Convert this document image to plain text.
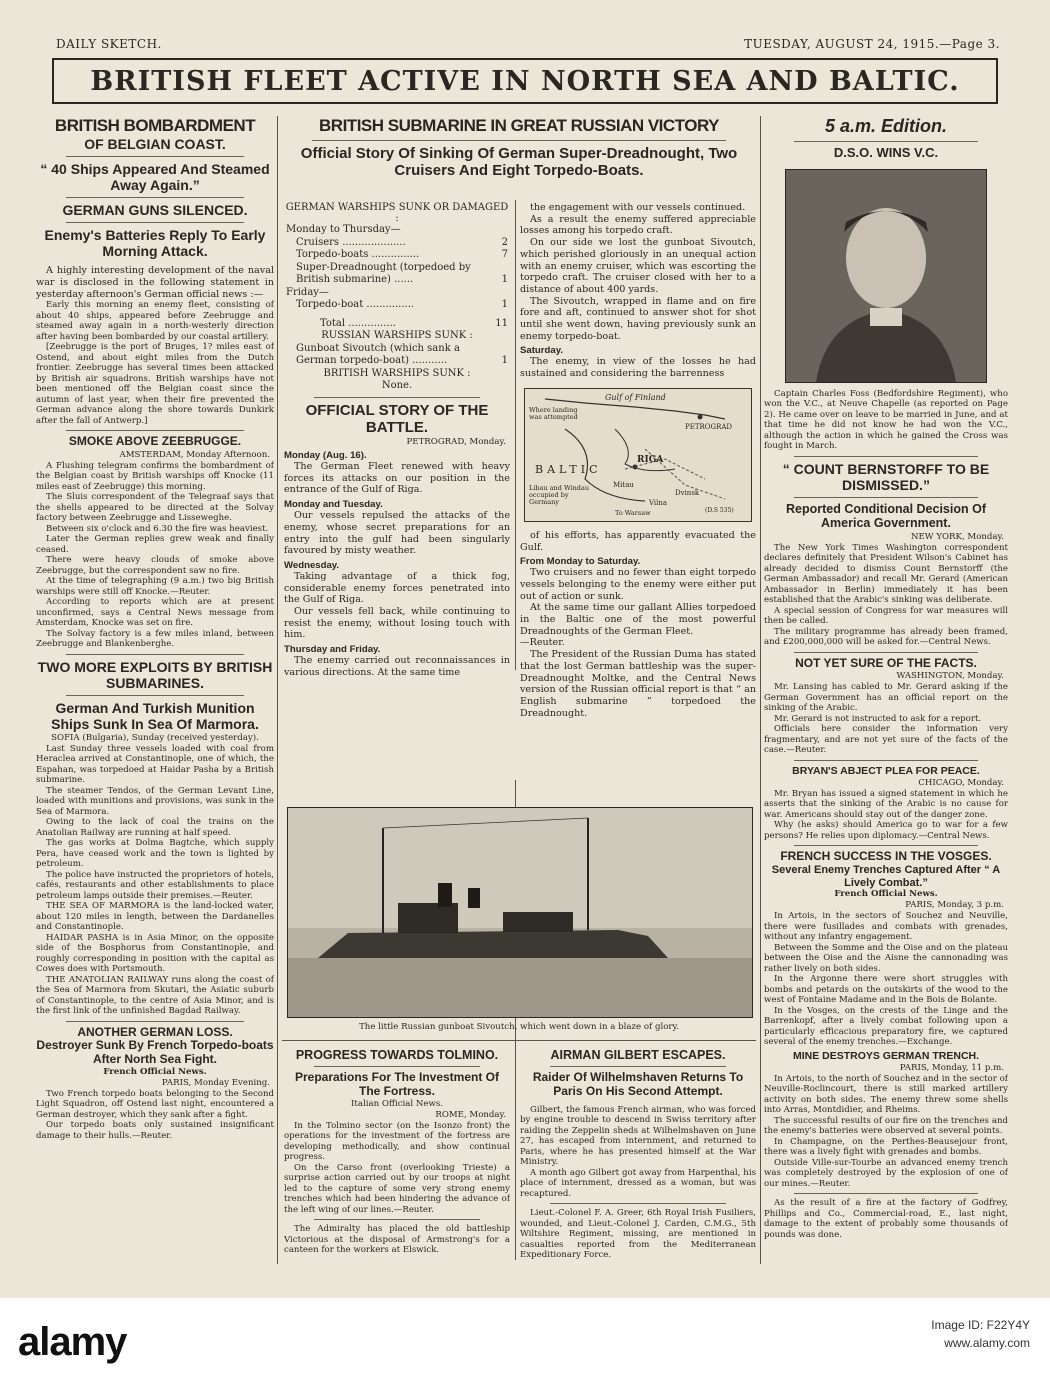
DAILY SKETCH.	TUESDAY, AUGUST 24, 1915.—Page 3.
BRITISH FLEET ACTIVE IN NORTH SEA AND BALTIC.
BRITISH BOMBARDMENT
OF BELGIAN COAST.
“ 40 Ships Appeared And Steamed Away Again.”
GERMAN GUNS SILENCED.
Enemy's Batteries Reply To Early Morning Attack.

A highly interesting development of the naval war is disclosed in the following statement in yesterday afternoon's German official news :—

Early this morning an enemy fleet, consisting of about 40 ships, appeared before Zeebrugge and steamed away again in a north-westerly direction after having been bombarded by our coastal artillery.

[Zeebrugge is the port of Bruges, 1? miles east of Ostend, and about eight miles from the Dutch frontier. Zeebrugge has several times been attacked by British air squadrons. British warships have not been mentioned off the Belgian coast since the autumn of last year, when their fire prevented the German advance along the shore towards Dunkirk after the fall of Antwerp.]

SMOKE ABOVE ZEEBRUGGE.
AMSTERDAM, Monday Afternoon.

A Flushing telegram confirms the bombardment of the Belgian coast by British warships off Knocke (11 miles east of Zeebrugge) this morning.

The Sluis correspondent of the Telegraaf says that the shells appeared to be directed at the Solvay factory between Zeebrugge and Lisseweghe.

Between six o'clock and 6.30 the fire was heaviest.

Later the German replies grew weak and finally ceased.

There were heavy clouds of smoke above Zeebrugge, but the correspondent saw no fire.

At the time of telegraphing (9 a.m.) two big British warships were still off Knocke.—Reuter.

According to reports which are at present unconfirmed, says a Central News message from Amsterdam, Knocke was set on fire.

The Solvay factory is a few miles inland, between Zeebrugge and Blankenberghe.

TWO MORE EXPLOITS BY BRITISH SUBMARINES.
German And Turkish Munition Ships Sunk In Sea Of Marmora.
SOFIA (Bulgaria), Sunday (received yesterday).

Last Sunday three vessels loaded with coal from Heraclea arrived at Constantinople, one of which, the Espahan, was torpedoed at Haidar Pasha by a British submarine.

The steamer Tendos, of the German Levant Line, loaded with munitions and provisions, was sunk in the Sea of Marmora.

Owing to the lack of coal the trains on the Anatolian Railway are running at half speed.

The gas works at Dolma Bagtche, which supply Pera, have ceased work and the town is lighted by petroleum.

The police have instructed the proprietors of hotels, cafés, restaurants and other establishments to place petroleum lamps outside their premises.—Reuter.

THE SEA OF MARMORA is the land-locked water, about 120 miles in length, between the Dardanelles and Constantinople.

HAIDAR PASHA is in Asia Minor, on the opposite side of the Bosphorus from Constantinople, and roughly corresponding in position with the capital as Cowes does with Portsmouth.

THE ANATOLIAN RAILWAY runs along the coast of the Sea of Marmora from Skutari, the Asiatic suburb of Constantinople, to the centre of Asia Minor, and is the first link of the unfinished Bagdad Railway.

ANOTHER GERMAN LOSS.
Destroyer Sunk By French Torpedo-boats After North Sea Fight.
French Official News.
PARIS, Monday Evening.

Two French torpedo boats belonging to the Second Light Squadron, off Ostend last night, encountered a German destroyer, which they sank after a fight.

Our torpedo boats only sustained insignificant damage to their hulls.—Reuter.

BRITISH SUBMARINE IN GREAT RUSSIAN VICTORY
Official Story Of Sinking Of German Super-Dreadnought, Two Cruisers And Eight Torpedo-Boats.
GERMAN WARSHIPS SUNK OR DAMAGED :
Monday to Thursday—	
Cruisers ....................	2
Torpedo-boats ...............	7
Super-Dreadnought (torpedoed by British submarine) ......	1
Friday—	
Torpedo-boat ...............	1
Total ...............	11
RUSSIAN WARSHIPS SUNK :	
Gunboat Sivoutch (which sank a German torpedo-boat) ...........	1
BRITISH WARSHIPS SUNK :	
None.	
OFFICIAL STORY OF THE BATTLE.
PETROGRAD, Monday.
Monday (Aug. 16).

The German Fleet renewed with heavy forces its attacks on our position in the entrance of the Gulf of Riga.

Monday and Tuesday.

Our vessels repulsed the attacks of the enemy, whose secret preparations for an entry into the gulf had been singularly favoured by misty weather.

Wednesday.

Taking advantage of a thick fog, considerable enemy forces penetrated into the Gulf of Riga.

Our vessels fell back, while continuing to resist the enemy, without losing touch with him.

Thursday and Friday.

The enemy carried out reconnaissances in various directions. At the same time

the engagement with our vessels continued.

As a result the enemy suffered appreciable losses among his torpedo craft.

On our side we lost the gunboat Sivoutch, which perished gloriously in an unequal action with an enemy cruiser, which was escorting the torpedo craft. The cruiser closed with her to a distance of about 400 yards.

The Sivoutch, wrapped in flame and on fire fore and aft, continued to answer shot for shot until she went down, having previously sunk an enemy torpedo-boat.

Saturday.

The enemy, in view of the losses he had sustained and considering the barrenness

Gulf of Finland
PETROGRAD
RIGA
BALTIC
Where landing was attempted
Libau and Windau occupied by Germany
Mitau
Dvinsk
Vilna
To Warsaw	(D.S 535)

of his efforts, has apparently evacuated the Gulf.

From Monday to Saturday.

Two cruisers and no fewer than eight torpedo vessels belonging to the enemy were either put out of action or sunk.

At the same time our gallant Allies torpedoed in the Baltic one of the most powerful Dreadnoughts of the German Fleet.

—Reuter.

The President of the Russian Duma has stated that the lost German battleship was the super-Dreadnought Moltke, and the Central News version of the Russian official report is that “ an English submarine ” torpedoed the Dreadnought.

The little Russian gunboat Sivoutch, which went down in a blaze of glory.
PROGRESS TOWARDS TOLMINO.
Preparations For The Investment Of The Fortress.
Italian Official News.
ROME, Monday.

In the Tolmino sector (on the Isonzo front) the operations for the investment of the fortress are developing methodically, and show continual progress.

On the Carso front (overlooking Trieste) a surprise action carried out by our troops at night led to the capture of some very strong enemy trenches which had been hindering the advance of the left wing of our lines.—Reuter.

The Admiralty has placed the old battleship Victorious at the disposal of Armstrong's for a canteen for the workers at Elswick.

AIRMAN GILBERT ESCAPES.
Raider Of Wilhelmshaven Returns To Paris On His Second Attempt.

Gilbert, the famous French airman, who was forced by engine trouble to descend in Swiss territory after raiding the Zeppelin sheds at Wilhelmshaven on June 27, has escaped from internment, and returned to Paris, where he has presented himself at the War Ministry.

A month ago Gilbert got away from Harpenthal, his place of internment, dressed as a woman, but was recaptured.

Lieut.-Colonel F. A. Greer, 6th Royal Irish Fusiliers, wounded, and Lieut.-Colonel J. Carden, C.M.G., 5th Wiltshire Regiment, missing, are mentioned in casualties reported from the Mediterranean Expeditionary Force.

5 a.m. Edition.
D.S.O. WINS V.C.

Captain Charles Foss (Bedfordshire Regiment), who won the V.C., at Neuve Chapelle (as reported on Page 2). He came over on leave to be married in June, and at that time he did not know he had won the V.C., although the action in which he gained the Cross was fought in March.

“ COUNT BERNSTORFF TO BE DISMISSED.”
Reported Conditional Decision Of America Government.
NEW YORK, Monday.

The New York Times Washington correspondent declares definitely that President Wilson's Cabinet has already decided to dismiss Count Bernstorff (the German Ambassador) and recall Mr. Gerard (American Ambassador in Berlin) immediately it has been established that the Arabic's sinking was deliberate.

A special session of Congress for war measures will then be called.

The military programme has already been framed, and £200,000,000 will be asked for.—Central News.

NOT YET SURE OF THE FACTS.
WASHINGTON, Monday.

Mr. Lansing has cabled to Mr. Gerard asking if the German Government has an official report on the sinking of the Arabic.

Mr. Gerard is not instructed to ask for a report.

Officials here consider the information very fragmentary, and are not yet sure of the facts of the case.—Reuter.

BRYAN'S ABJECT PLEA FOR PEACE.
CHICAGO, Monday.

Mr. Bryan has issued a signed statement in which he asserts that the sinking of the Arabic is no cause for war. Americans should stay out of the danger zone.

Why (he asks) should America go to war for a few persons? He relies upon diplomacy.—Central News.

FRENCH SUCCESS IN THE VOSGES.
Several Enemy Trenches Captured After “ A Lively Combat.”
French Official News.
PARIS, Monday, 3 p.m.

In Artois, in the sectors of Souchez and Neuville, there were fusillades and combats with grenades, without any infantry engagement.

Between the Somme and the Oise and on the plateau between the Oise and the Aisne the cannonading was rather lively on both sides.

In the Argonne there were short struggles with bombs and petards on the outskirts of the wood to the west of Fontaine Madame and in the Bois de Bolante.

In the Vosges, on the crests of the Linge and the Barrenkopf, after a lively combat following upon a particularly efficacious preparatory fire, we captured several of the enemy trenches.—Exchange.

MINE DESTROYS GERMAN TRENCH.
PARIS, Monday, 11 p.m.

In Artois, to the north of Souchez and in the sector of Neuville-Roclincourt, there is still marked artillery activity on both sides. The enemy threw some shells into Arras, Montdidier, and Rheims.

The successful results of our fire on the trenches and the enemy's batteries were observed at several points.

In Champagne, on the Perthes-Beausejour front, there was a lively fight with grenades and bombs.

Outside Ville-sur-Tourbe an advanced enemy trench was completely destroyed by the explosion of one of our mines.—Reuter.

As the result of a fire at the factory of Godfrey, Phillips and Co., Commercial-road, E., last night, damage to the extent of probably some thousands of pounds was done.

alamy	Image ID: F22Y4Y
www.alamy.com
